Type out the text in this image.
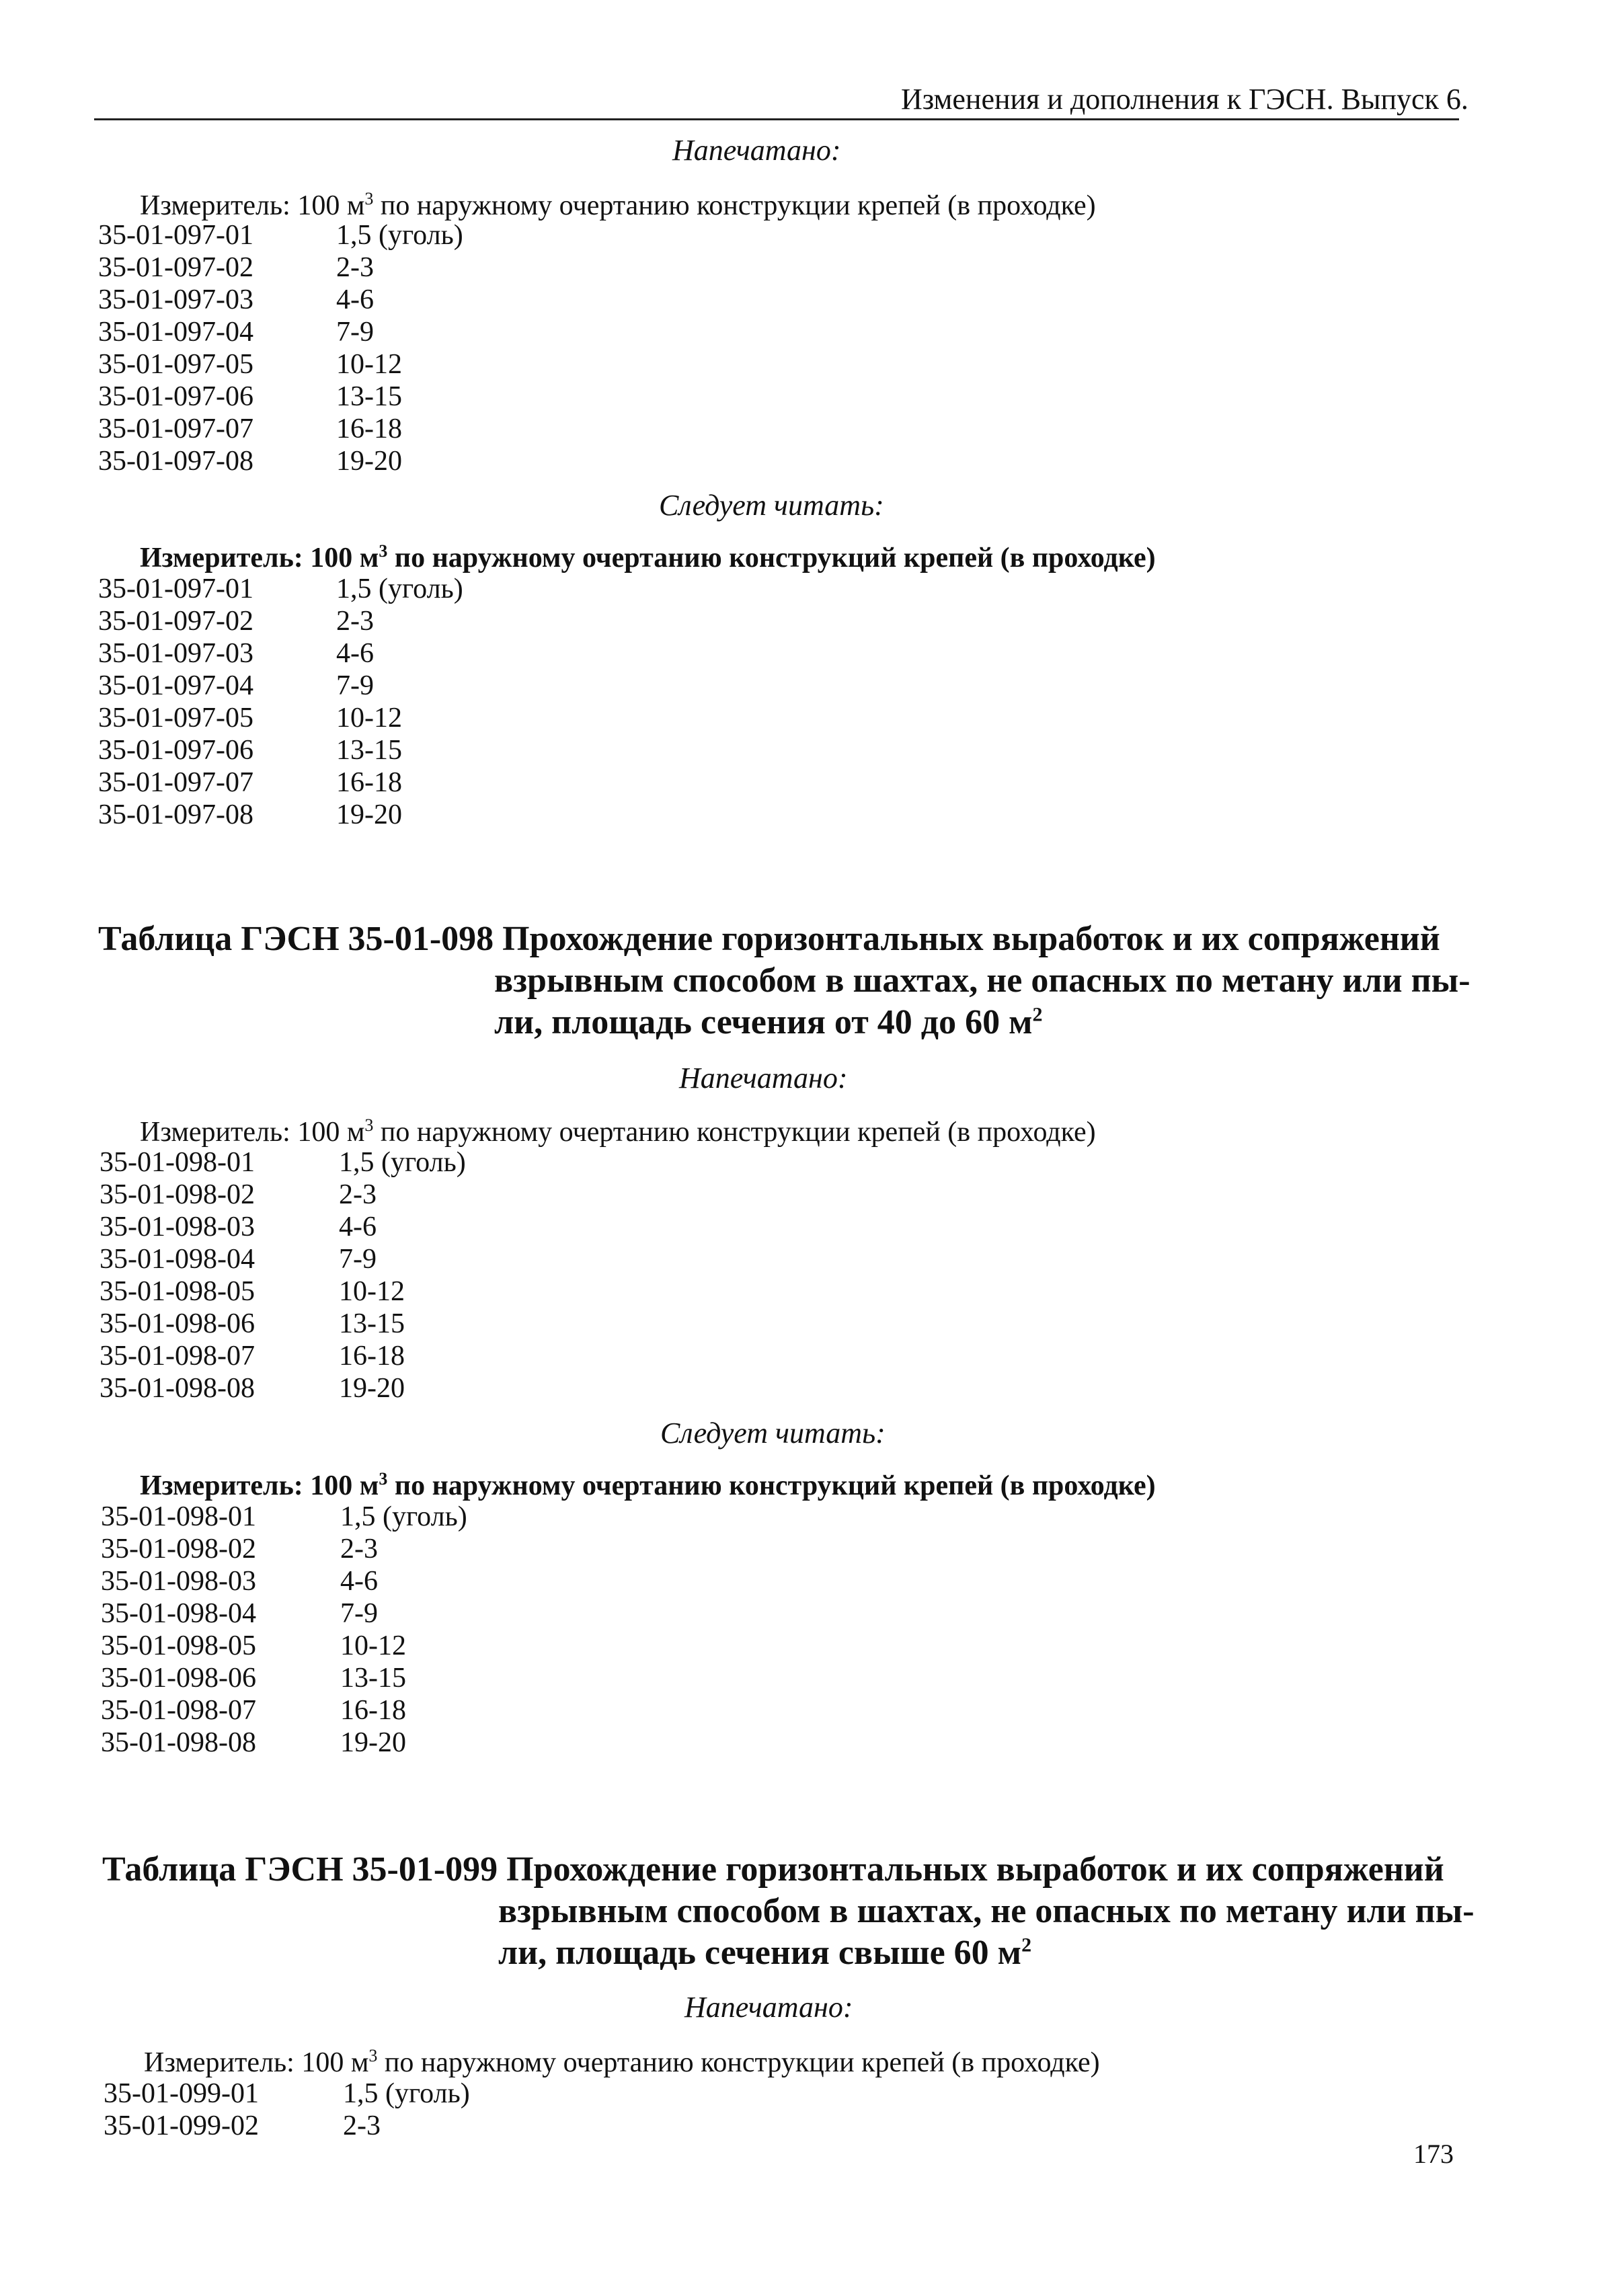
Изменения и дополнения к ГЭСН. Выпуск 6.
Напечатано:
Измеритель: 100 $м^3$ по наружному очертанию конструкции крепей (в проходке)
35-01-097-01	1,5 (уголь)
35-01-097-02	2-3
35-01-097-03	4-6
35-01-097-04	7-9
35-01-097-05	10-12
35-01-097-06	13-15
35-01-097-07	16-18
35-01-097-08	19-20
Следует читать:
Измеритель: 100 $м^3$ по наружному очертанию конструкций крепей (в проходке)
35-01-097-01	1,5 (уголь)
35-01-097-02	2-3
35-01-097-03	4-6
35-01-097-04	7-9
35-01-097-05	10-12
35-01-097-06	13-15
35-01-097-07	16-18
35-01-097-08	19-20
Таблица ГЭСН 35-01-098 Прохождение горизонтальных выработок и их сопряжений
взрывным способом в шахтах, не опасных по метану или пы-
ли, площадь сечения от 40 до 60 $м^2$
Напечатано:
Измеритель: 100 $м^3$ по наружному очертанию конструкции крепей (в проходке)
35-01-098-01	1,5 (уголь)
35-01-098-02	2-3
35-01-098-03	4-6
35-01-098-04	7-9
35-01-098-05	10-12
35-01-098-06	13-15
35-01-098-07	16-18
35-01-098-08	19-20
Следует читать:
Измеритель: 100 $м^3$ по наружному очертанию конструкций крепей (в проходке)
35-01-098-01	1,5 (уголь)
35-01-098-02	2-3
35-01-098-03	4-6
35-01-098-04	7-9
35-01-098-05	10-12
35-01-098-06	13-15
35-01-098-07	16-18
35-01-098-08	19-20
Таблица ГЭСН 35-01-099 Прохождение горизонтальных выработок и их сопряжений
взрывным способом в шахтах, не опасных по метану или пы-
ли, площадь сечения свыше 60 $м^2$
Напечатано:
Измеритель: 100 $м^3$ по наружному очертанию конструкции крепей (в проходке)
35-01-099-01	1,5 (уголь)
35-01-099-02	2-3
173
